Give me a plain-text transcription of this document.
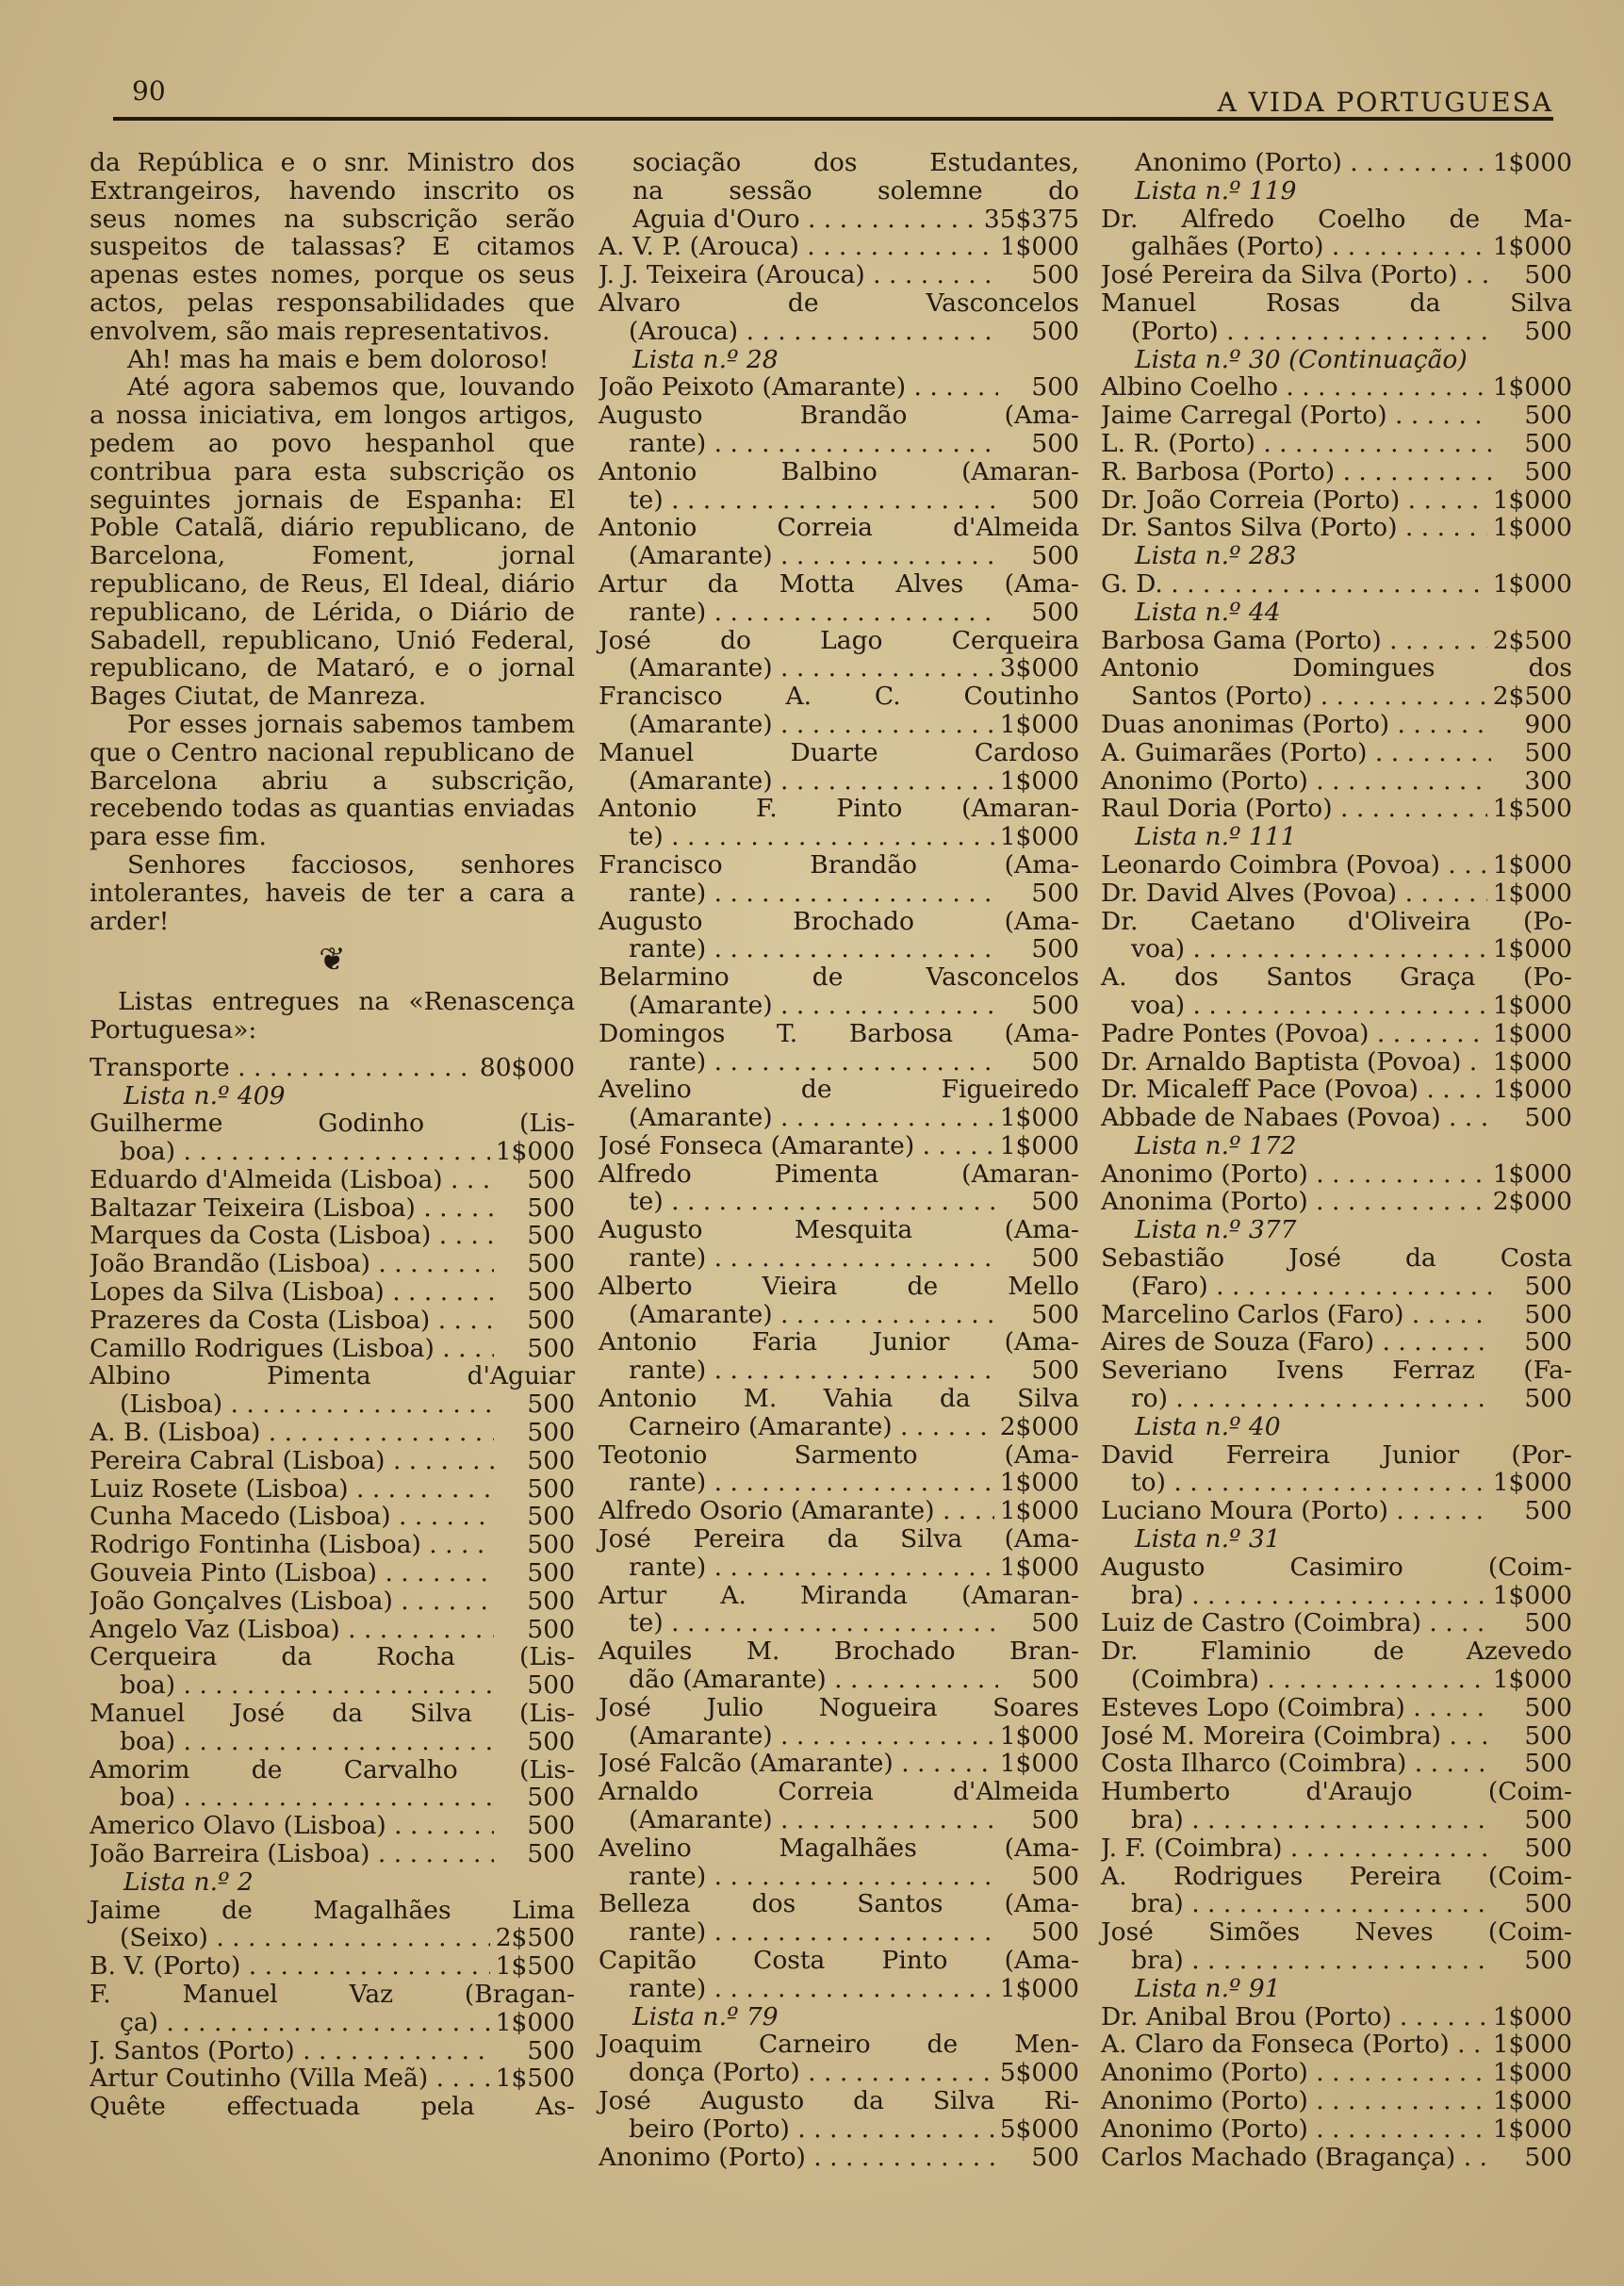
90	A VIDA PORTUGUESA

da República e o snr. Ministro dos Extrangeiros, havendo inscrito os seus nomes na subscrição serão suspeitos de talassas? E citamos apenas estes nomes, porque os seus actos, pelas responsabilidades que envolvem, são mais representativos.

Ah! mas ha mais e bem doloroso!

Até agora sabemos que, louvando a nossa iniciativa, em longos artigos, pedem ao povo hespanhol que contribua para esta subscrição os seguintes jornais de Espanha: El Poble Catalã, diário republicano, de Barcelona, Foment, jornal republicano, de Reus, El Ideal, diário republicano, de Lérida, o Diário de Sabadell, republicano, Unió Federal, republicano, de Mataró, e o jornal Bages Ciutat, de Manreza.

Por esses jornais sabemos tambem que o Centro nacional republicano de Barcelona abriu a subscrição, recebendo todas as quantias enviadas para esse fim.

Senhores facciosos, senhores intolerantes, haveis de ter a cara a arder!

❦

Listas entregues na «Renascença Portuguesa»:

Transporte . . .	80$000
Lista n.º 409
Guilherme Godinho (Lis-
boa) . . .	1$000
Eduardo d'Almeida (Lisboa) . . .	500
Baltazar Teixeira (Lisboa) . . .	500
Marques da Costa (Lisboa) . . .	500
João Brandão (Lisboa) . . .	500
Lopes da Silva (Lisboa) . . .	500
Prazeres da Costa (Lisboa) . . .	500
Camillo Rodrigues (Lisboa) . . .	500
Albino Pimenta d'Aguiar
(Lisboa) . . .	500
A. B. (Lisboa) . . .	500
Pereira Cabral (Lisboa) . . .	500
Luiz Rosete (Lisboa) . . .	500
Cunha Macedo (Lisboa) . . .	500
Rodrigo Fontinha (Lisboa) . . .	500
Gouveia Pinto (Lisboa) . . .	500
João Gonçalves (Lisboa) . . .	500
Angelo Vaz (Lisboa) . . .	500
Cerqueira da Rocha (Lis-
boa) . . .	500
Manuel José da Silva (Lis-
boa) . . .	500
Amorim de Carvalho (Lis-
boa) . . .	500
Americo Olavo (Lisboa) . . .	500
João Barreira (Lisboa) . . .	500
Lista n.º 2
Jaime de Magalhães Lima
(Seixo) . . .	2$500
B. V. (Porto) . . .	1$500
F. Manuel Vaz (Bragan-
ça) . . .	1$000
J. Santos (Porto) . . .	500
Artur Coutinho (Villa Meã) . . .	1$500
Quête effectuada pela As-
sociação dos Estudantes,
na sessão solemne do
Aguia d'Ouro . . .	35$375
A. V. P. (Arouca) . . .	1$000
J. J. Teixeira (Arouca) . . .	500
Alvaro de Vasconcelos
(Arouca) . . .	500
Lista n.º 28
João Peixoto (Amarante) . . .	500
Augusto Brandão (Ama-
rante) . . .	500
Antonio Balbino (Amaran-
te) . . .	500
Antonio Correia d'Almeida
(Amarante) . . .	500
Artur da Motta Alves (Ama-
rante) . . .	500
José do Lago Cerqueira
(Amarante) . . .	3$000
Francisco A. C. Coutinho
(Amarante) . . .	1$000
Manuel Duarte Cardoso
(Amarante) . . .	1$000
Antonio F. Pinto (Amaran-
te) . . .	1$000
Francisco Brandão (Ama-
rante) . . .	500
Augusto Brochado (Ama-
rante) . . .	500
Belarmino de Vasconcelos
(Amarante) . . .	500
Domingos T. Barbosa (Ama-
rante) . . .	500
Avelino de Figueiredo
(Amarante) . . .	1$000
José Fonseca (Amarante) . . .	1$000
Alfredo Pimenta (Amaran-
te) . . .	500
Augusto Mesquita (Ama-
rante) . . .	500
Alberto Vieira de Mello
(Amarante) . . .	500
Antonio Faria Junior (Ama-
rante) . . .	500
Antonio M. Vahia da Silva
Carneiro (Amarante) . . .	2$000
Teotonio Sarmento (Ama-
rante) . . .	1$000
Alfredo Osorio (Amarante) . . .	1$000
José Pereira da Silva (Ama-
rante) . . .	1$000
Artur A. Miranda (Amaran-
te) . . .	500
Aquiles M. Brochado Bran-
dão (Amarante) . . .	500
José Julio Nogueira Soares
(Amarante) . . .	1$000
José Falcão (Amarante) . . .	1$000
Arnaldo Correia d'Almeida
(Amarante) . . .	500
Avelino Magalhães (Ama-
rante) . . .	500
Belleza dos Santos (Ama-
rante) . . .	500
Capitão Costa Pinto (Ama-
rante) . . .	1$000
Lista n.º 79
Joaquim Carneiro de Men-
donça (Porto) . . .	5$000
José Augusto da Silva Ri-
beiro (Porto) . . .	5$000
Anonimo (Porto) . . .	500
Anonimo (Porto) . . .	1$000
Lista n.º 119
Dr. Alfredo Coelho de Ma-
galhães (Porto) . . .	1$000
José Pereira da Silva (Porto) . . .	500
Manuel Rosas da Silva
(Porto) . . .	500
Lista n.º 30 (Continuação)
Albino Coelho . . .	1$000
Jaime Carregal (Porto) . . .	500
L. R. (Porto) . . .	500
R. Barbosa (Porto) . . .	500
Dr. João Correia (Porto) . . .	1$000
Dr. Santos Silva (Porto) . . .	1$000
Lista n.º 283
G. D. . . .	1$000
Lista n.º 44
Barbosa Gama (Porto) . . .	2$500
Antonio Domingues dos
Santos (Porto) . . .	2$500
Duas anonimas (Porto) . . .	900
A. Guimarães (Porto) . . .	500
Anonimo (Porto) . . .	300
Raul Doria (Porto) . . .	1$500
Lista n.º 111
Leonardo Coimbra (Povoa) . . .	1$000
Dr. David Alves (Povoa) . . .	1$000
Dr. Caetano d'Oliveira (Po-
voa) . . .	1$000
A. dos Santos Graça (Po-
voa) . . .	1$000
Padre Pontes (Povoa) . . .	1$000
Dr. Arnaldo Baptista (Povoa) . . .	1$000
Dr. Micaleff Pace (Povoa) . . .	1$000
Abbade de Nabaes (Povoa) . . .	500
Lista n.º 172
Anonimo (Porto) . . .	1$000
Anonima (Porto) . . .	2$000
Lista n.º 377
Sebastião José da Costa
(Faro) . . .	500
Marcelino Carlos (Faro) . . .	500
Aires de Souza (Faro) . . .	500
Severiano Ivens Ferraz (Fa-
ro) . . .	500
Lista n.º 40
David Ferreira Junior (Por-
to) . . .	1$000
Luciano Moura (Porto) . . .	500
Lista n.º 31
Augusto Casimiro (Coim-
bra) . . .	1$000
Luiz de Castro (Coimbra) . . .	500
Dr. Flaminio de Azevedo
(Coimbra) . . .	1$000
Esteves Lopo (Coimbra) . . .	500
José M. Moreira (Coimbra) . . .	500
Costa Ilharco (Coimbra) . . .	500
Humberto d'Araujo (Coim-
bra) . . .	500
J. F. (Coimbra) . . .	500
A. Rodrigues Pereira (Coim-
bra) . . .	500
José Simões Neves (Coim-
bra) . . .	500
Lista n.º 91
Dr. Anibal Brou (Porto) . . .	1$000
A. Claro da Fonseca (Porto) . . .	1$000
Anonimo (Porto) . . .	1$000
Anonimo (Porto) . . .	1$000
Anonimo (Porto) . . .	1$000
Carlos Machado (Bragança) . . .	500
